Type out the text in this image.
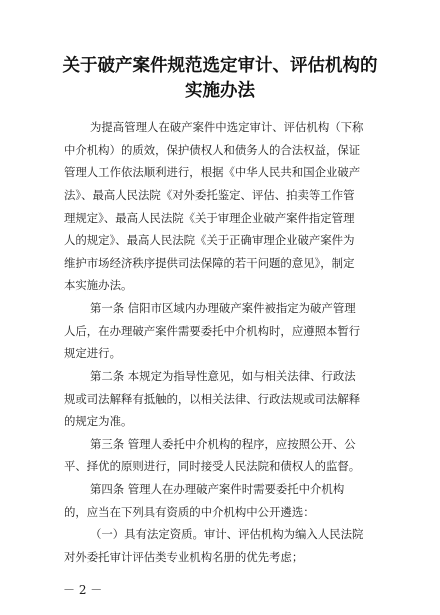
关于破产案件规范选定审计、评估机构的
实施办法
为提高管理人在破产案件中选定审计、评估机构（下称
中介机构）的质效，保护债权人和债务人的合法权益，保证
管理人工作依法顺利进行，根据《中华人民共和国企业破产
法》、最高人民法院《对外委托鉴定、评估、拍卖等工作管
理规定》、最高人民法院《关于审理企业破产案件指定管理
人的规定》、最高人民法院《关于正确审理企业破产案件为
维护市场经济秩序提供司法保障的若干问题的意见》，制定
本实施办法。
第一条 信阳市区域内办理破产案件被指定为破产管理
人后，在办理破产案件需要委托中介机构时，应遵照本暂行
规定进行。
第二条 本规定为指导性意见，如与相关法律、行政法
规或司法解释有抵触的，以相关法律、行政法规或司法解释
的规定为准。
第三条 管理人委托中介机构的程序，应按照公开、公
平、择优的原则进行，同时接受人民法院和债权人的监督。
第四条 管理人在办理破产案件时需要委托中介机构
的，应当在下列具有资质的中介机构中公开遴选：
－ 2 －
（一）具有法定资质。审计、评估机构为编入人民法院
对外委托审计评估类专业机构名册的优先考虑；
